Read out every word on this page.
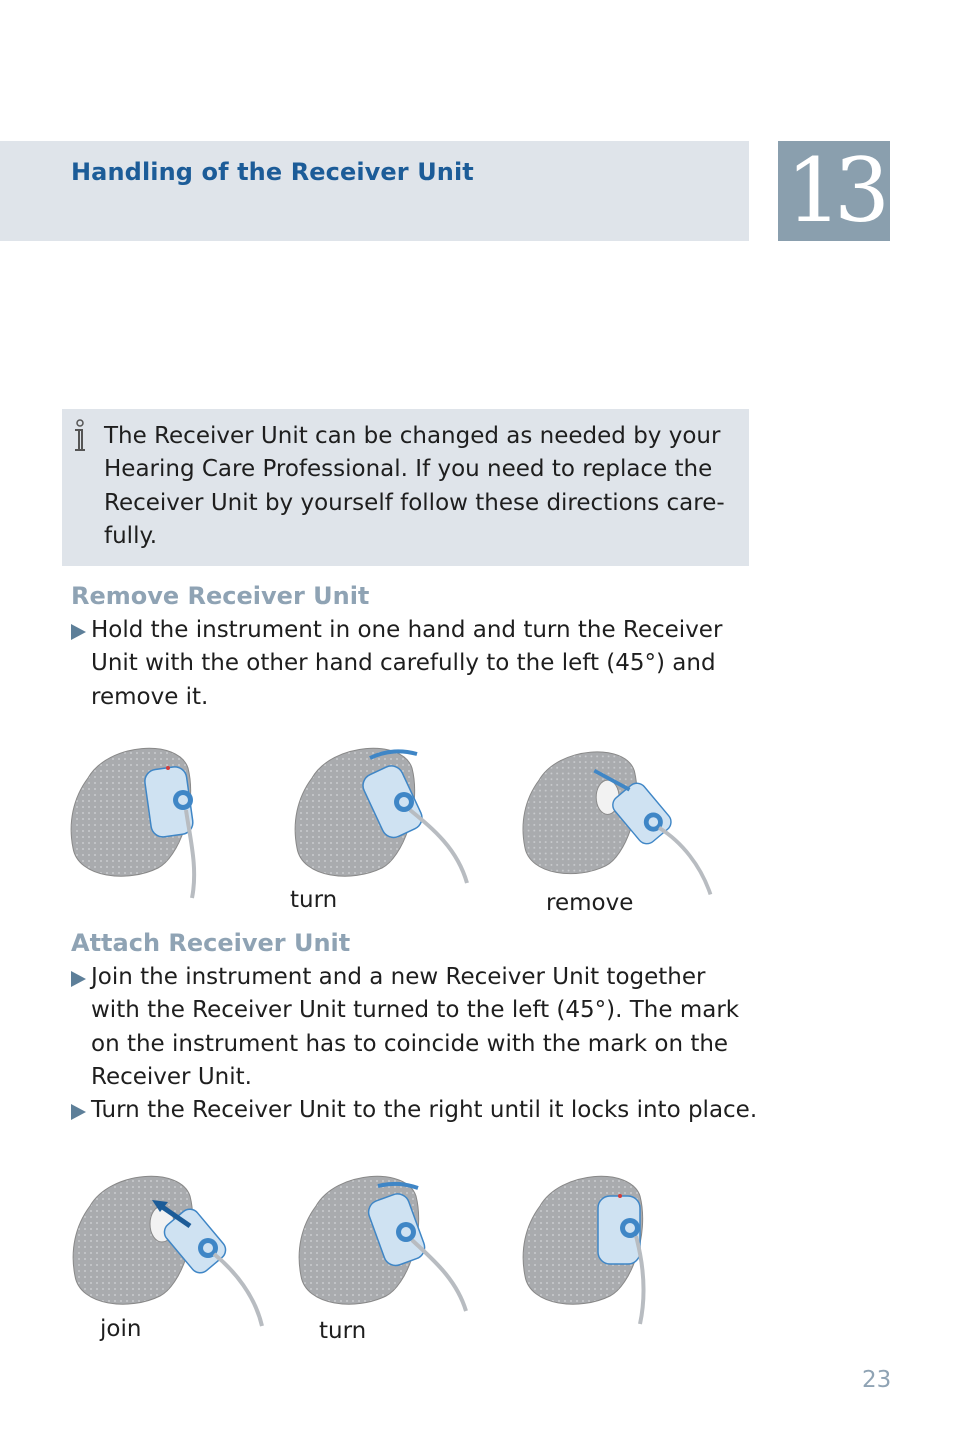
Handling of the Receiver Unit	13

The Receiver Unit can be changed as needed by your Hearing Care Professional. If you need to replace the Receiver Unit by yourself follow these directions care-fully.

Remove Receiver Unit

Hold the instrument in one hand and turn the Receiver Unit with the other hand carefully to the left (45°) and remove it.

turn	remove

Attach Receiver Unit

Join the instrument and a new Receiver Unit together with the Receiver Unit turned to the left (45°). The mark on the instrument has to coincide with the mark on the Receiver Unit.

Turn the Receiver Unit to the right until it locks into place.

join	turn

23
